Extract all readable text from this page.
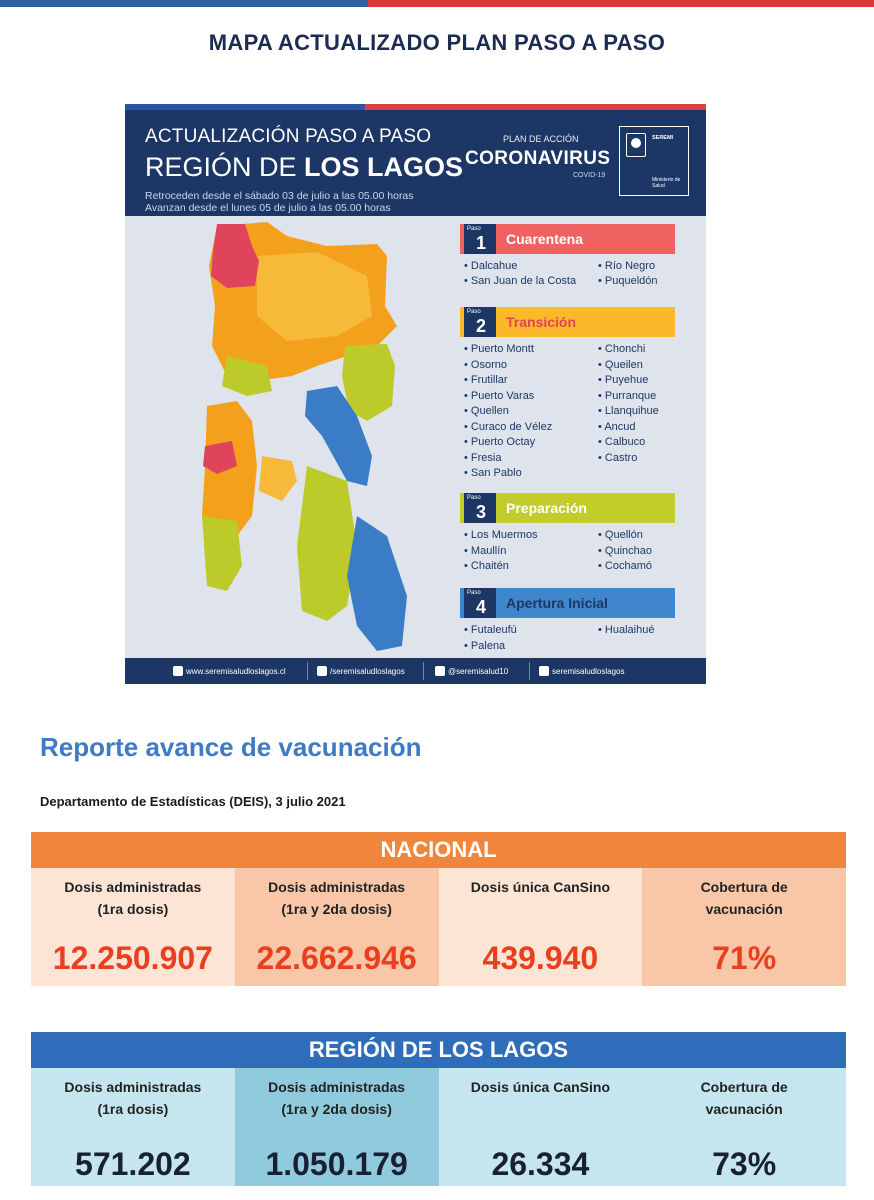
MAPA ACTUALIZADO PLAN PASO A PASO
ACTUALIZACIÓN PASO A PASO
REGIÓN DE LOS LAGOS
Retroceden desde el sábado 03 de julio a las 05.00 horas
Avanzan desde el lunes 05 de julio a las 05.00 horas
PLAN DE ACCIÓN
CORONAVIRUS
COVID-19
SEREMI
Ministerio de Salud
Paso
1 Cuarentena
• Dalcahue
• San Juan de la Costa
• Río Negro
• Puqueldón
Paso
2 Transición
• Puerto Montt
• Osorno
• Frutillar
• Puerto Varas
• Quellen
• Curaco de Vélez
• Puerto Octay
• Fresia
• San Pablo
• Chonchi
• Queilen
• Puyehue
• Purranque
• Llanquihue
• Ancud
• Calbuco
• Castro
Paso
3 Preparación
• Los Muermos
• Maullín
• Chaitén
• Quellón
• Quinchao
• Cochamó
Paso
4 Apertura Inicial
• Futaleufú
• Palena
• Hualaihué
www.seremisaludloslagos.cl	/seremisaludloslagos	@seremisalud10	seremisaludloslagos
Reporte avance de vacunación
Departamento de Estadísticas (DEIS), 3 julio 2021
NACIONAL
Dosis administradas
(1ra dosis)
12.250.907
Dosis administradas
(1ra y 2da dosis)
22.662.946
Dosis única CanSino
439.940
Cobertura de
vacunación
71%
REGIÓN DE LOS LAGOS
Dosis administradas
(1ra dosis)
571.202
Dosis administradas
(1ra y 2da dosis)
1.050.179
Dosis única CanSino
26.334
Cobertura de
vacunación
73%
